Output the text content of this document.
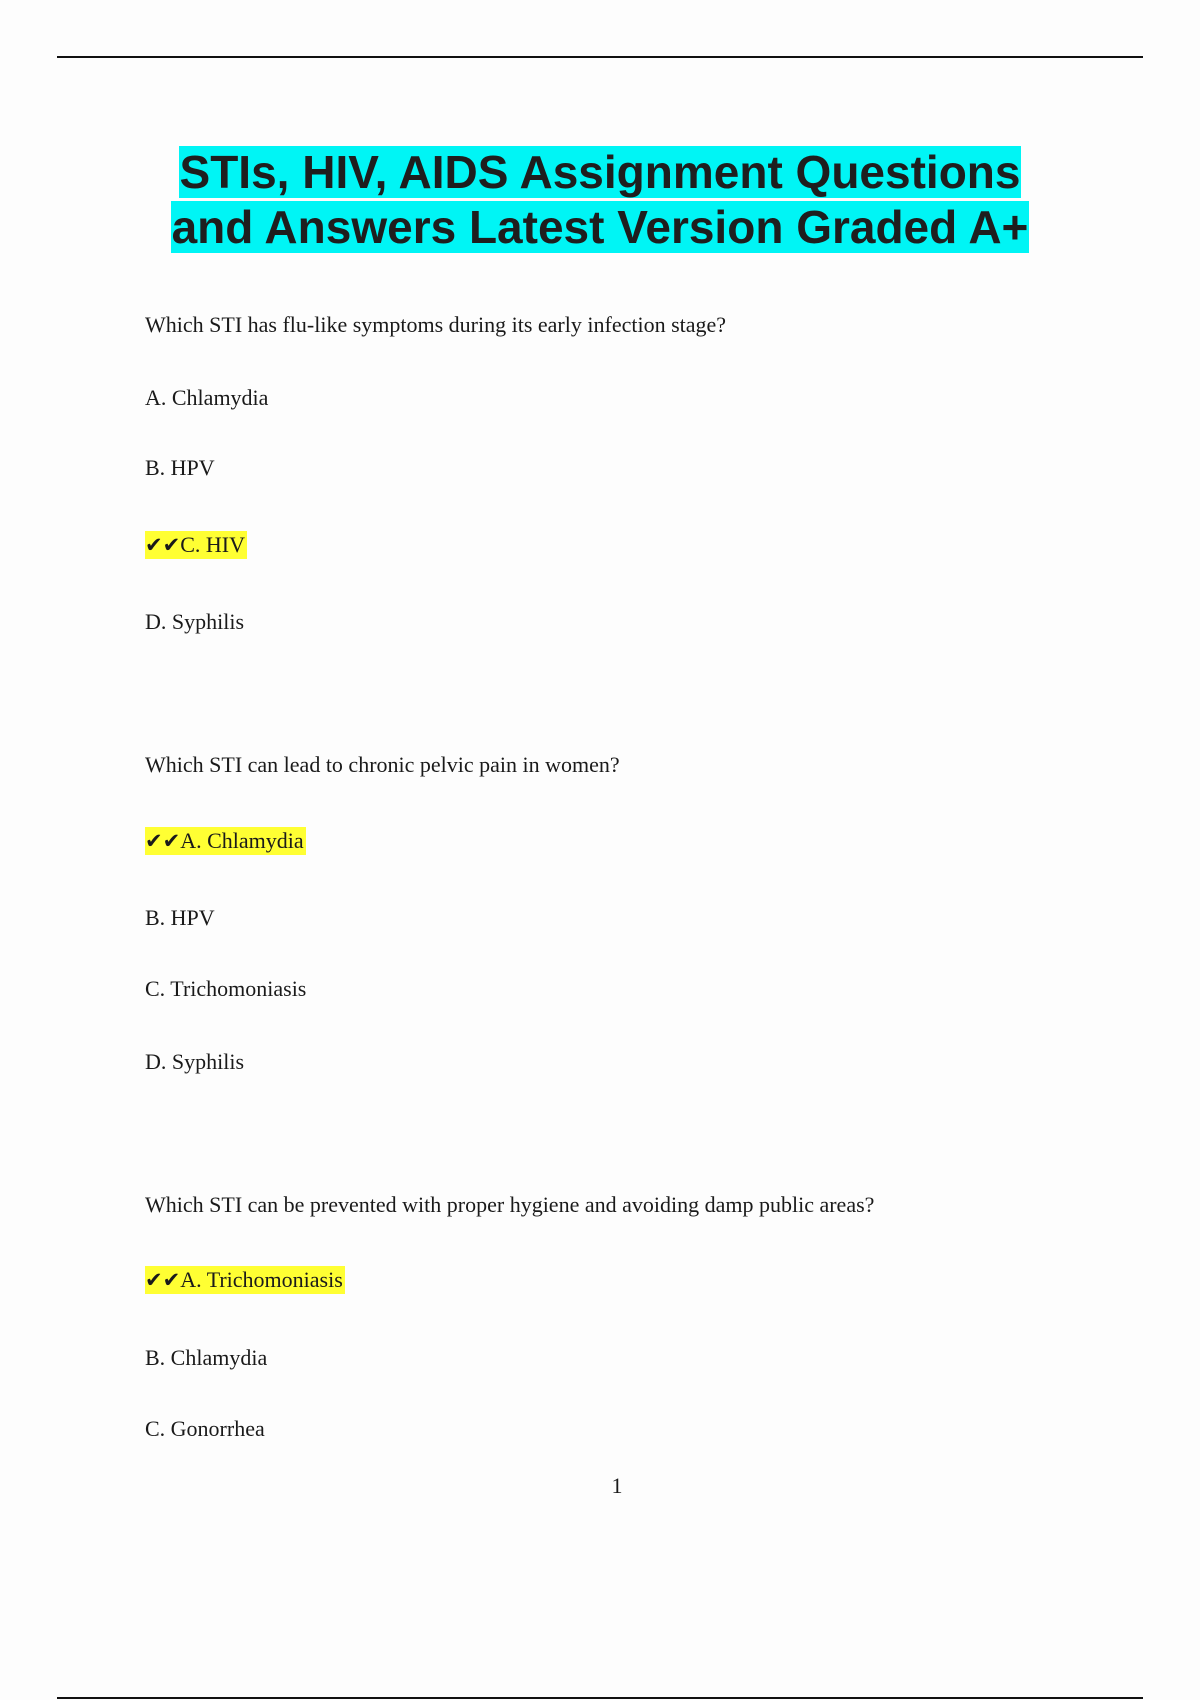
STIs, HIV, AIDS Assignment Questions
and Answers Latest Version Graded A+
Which STI has flu-like symptoms during its early infection stage?
A. Chlamydia
B. HPV
✔✔C. HIV
D. Syphilis
Which STI can lead to chronic pelvic pain in women?
✔✔A. Chlamydia
B. HPV
C. Trichomoniasis
D. Syphilis
Which STI can be prevented with proper hygiene and avoiding damp public areas?
✔✔A. Trichomoniasis
B. Chlamydia
C. Gonorrhea
1
